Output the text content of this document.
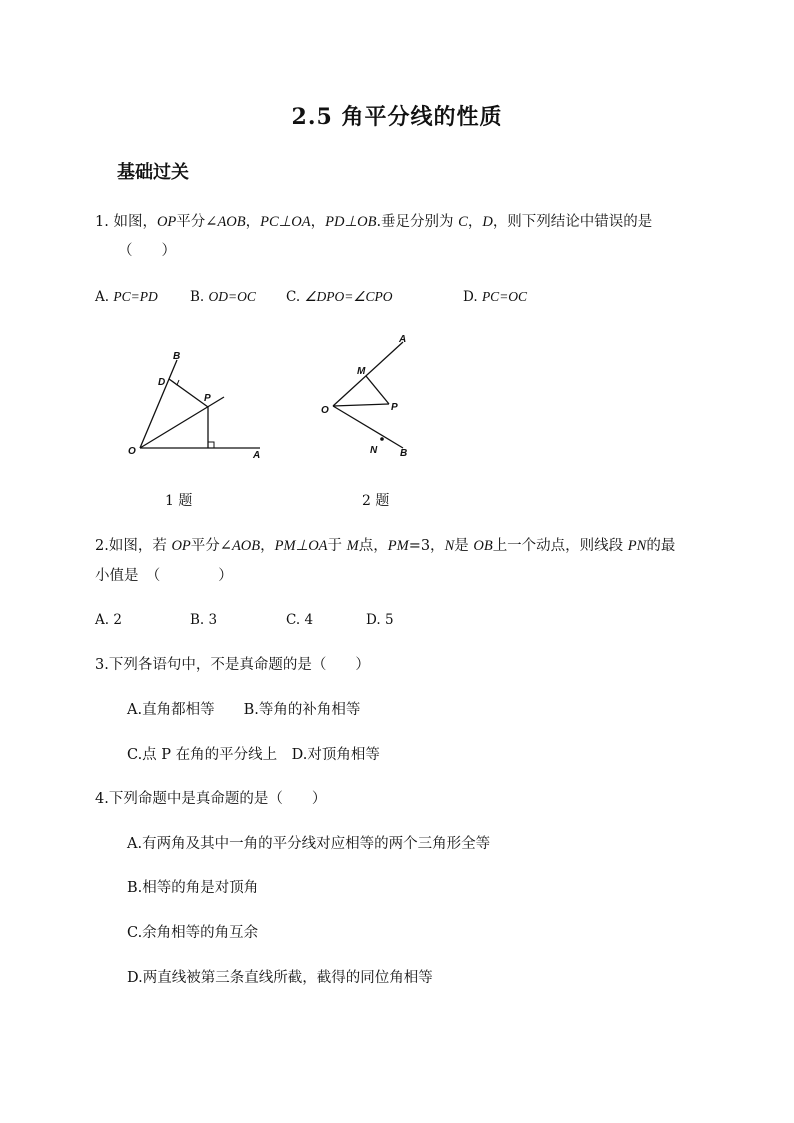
2.5 角平分线的性质
基础过关
1. 如图，OP平分∠AOB，PC⊥OA，PD⊥OB.垂足分别为 C，D，则下列结论中错误的是
（　　）
A. PC=PD B. OD=OC C. ∠DPO=∠CPO	D. PC=OC
B
D
P
O	A
A
M
O	P
N B
1 题	2 题
2.如图，若 OP平分∠AOB，PM⊥OA于 M点，PM=3，N是 OB上一个动点，则线段 PN的最
小值是　（　　　　）
A. 2	B. 3	C. 4	D. 5
3.下列各语句中，不是真命题的是（　　）
A.直角都相等　　B.等角的补角相等
C.点 P 在角的平分线上　D.对顶角相等
4.下列命题中是真命题的是（　　）
A.有两角及其中一角的平分线对应相等的两个三角形全等
B.相等的角是对顶角
C.余角相等的角互余
D.两直线被第三条直线所截，截得的同位角相等
